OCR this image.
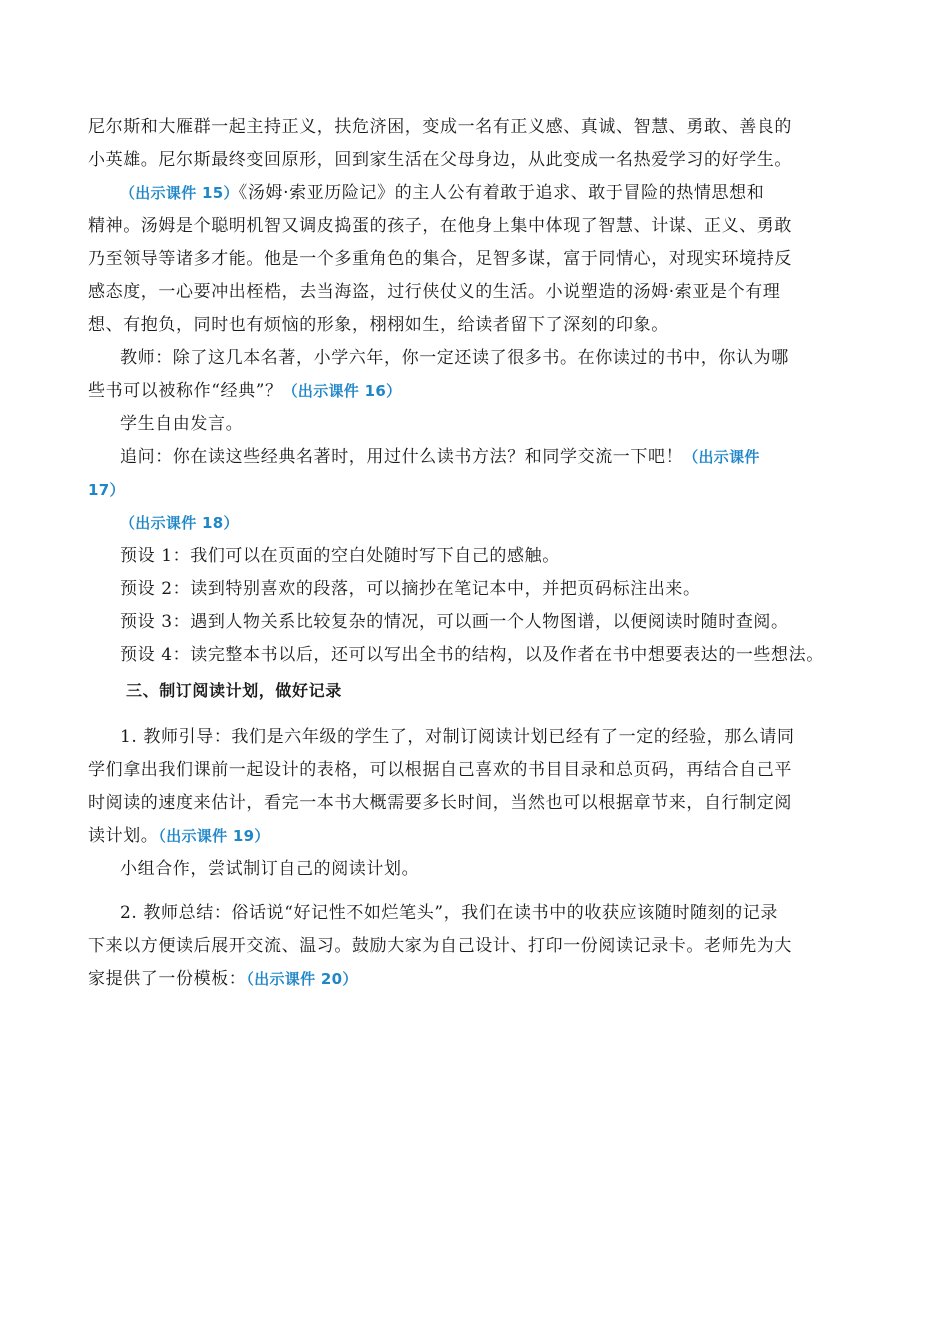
尼尔斯和大雁群一起主持正义，扶危济困，变成一名有正义感、真诚、智慧、勇敢、善良的
小英雄。尼尔斯最终变回原形，回到家生活在父母身边，从此变成一名热爱学习的好学生。
（出示课件 15）《汤姆·索亚历险记》的主人公有着敢于追求、敢于冒险的热情思想和
精神。汤姆是个聪明机智又调皮捣蛋的孩子，在他身上集中体现了智慧、计谋、正义、勇敢
乃至领导等诸多才能。他是一个多重角色的集合，足智多谋，富于同情心，对现实环境持反
感态度，一心要冲出桎梏，去当海盗，过行侠仗义的生活。小说塑造的汤姆·索亚是个有理
想、有抱负，同时也有烦恼的形象，栩栩如生，给读者留下了深刻的印象。
教师：除了这几本名著，小学六年，你一定还读了很多书。在你读过的书中，你认为哪
些书可以被称作“经典”？（出示课件 16）
学生自由发言。
追问：你在读这些经典名著时，用过什么读书方法？和同学交流一下吧！（出示课件
17）
（出示课件 18）
预设 1：我们可以在页面的空白处随时写下自己的感触。
预设 2：读到特别喜欢的段落，可以摘抄在笔记本中，并把页码标注出来。
预设 3：遇到人物关系比较复杂的情况，可以画一个人物图谱，以便阅读时随时查阅。
预设 4：读完整本书以后，还可以写出全书的结构，以及作者在书中想要表达的一些想法。
三、制订阅读计划，做好记录
1. 教师引导：我们是六年级的学生了，对制订阅读计划已经有了一定的经验，那么请同
学们拿出我们课前一起设计的表格，可以根据自己喜欢的书目目录和总页码，再结合自己平
时阅读的速度来估计，看完一本书大概需要多长时间，当然也可以根据章节来，自行制定阅
读计划。（出示课件 19）
小组合作，尝试制订自己的阅读计划。
2. 教师总结：俗话说“好记性不如烂笔头”，我们在读书中的收获应该随时随刻的记录
下来以方便读后展开交流、温习。鼓励大家为自己设计、打印一份阅读记录卡。老师先为大
家提供了一份模板：（出示课件 20）
